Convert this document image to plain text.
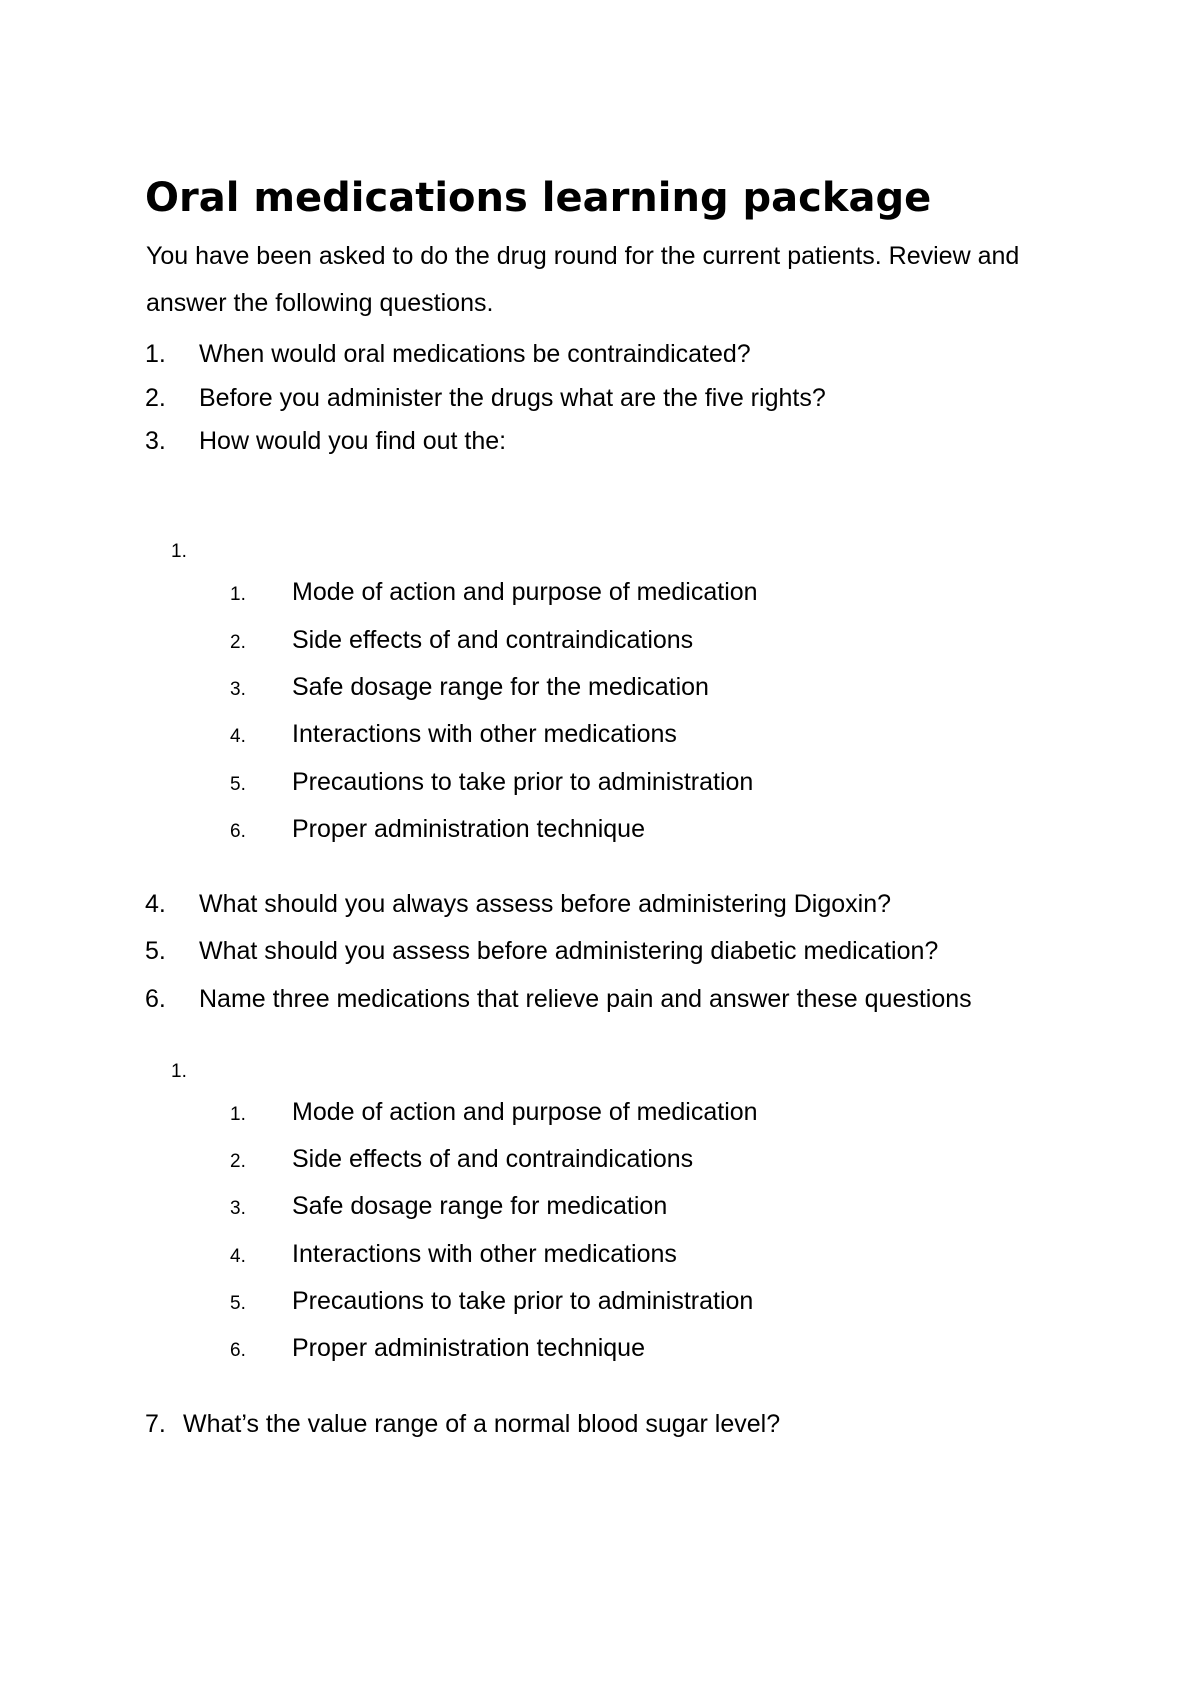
Oral medications learning package

You have been asked to do the drug round for the current patients. Review and answer the following questions.

1. When would oral medications be contraindicated?
2. Before you administer the drugs what are the five rights?
3. How would you find out the:
1.
1. Mode of action and purpose of medication
2. Side effects of and contraindications
3. Safe dosage range for the medication
4. Interactions with other medications
5. Precautions to take prior to administration
6. Proper administration technique
4. What should you always assess before administering Digoxin?
5. What should you assess before administering diabetic medication?
6. Name three medications that relieve pain and answer these questions
1.
1. Mode of action and purpose of medication
2. Side effects of and contraindications
3. Safe dosage range for medication
4. Interactions with other medications
5. Precautions to take prior to administration
6. Proper administration technique
7. What’s the value range of a normal blood sugar level?
